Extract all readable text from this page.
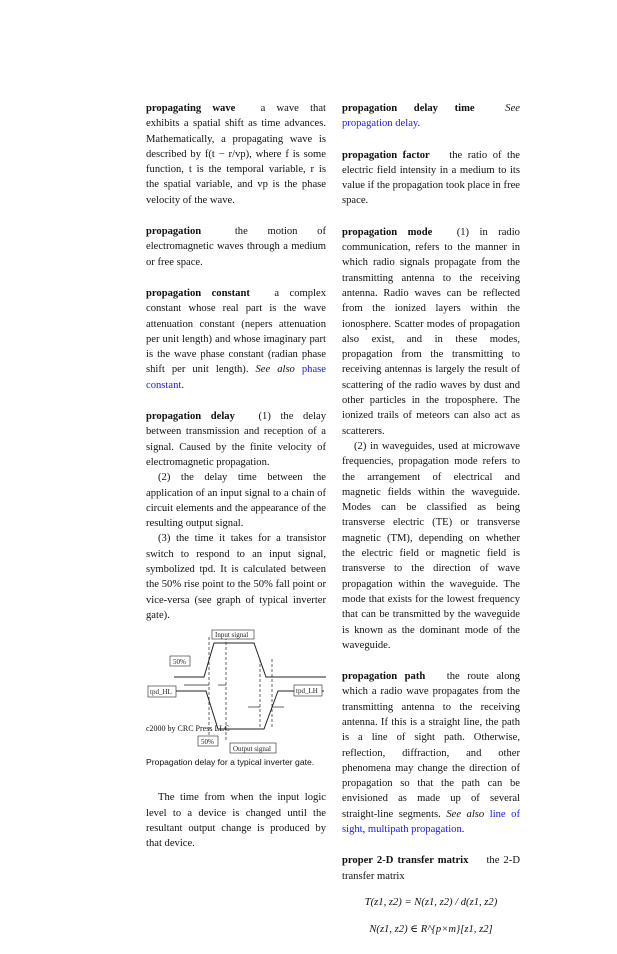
propagating wave a wave that exhibits a spatial shift as time advances. Mathematically, a propagating wave is described by f(t − r/vp), where f is some function, t is the temporal variable, r is the spatial variable, and vp is the phase velocity of the wave.

propagation	the motion of electromagnetic waves through a medium or free space.

propagation constant a complex constant whose real part is the wave attenuation constant (nepers attenuation per unit length) and whose imaginary part is the wave phase constant (radian phase shift per unit length). See also phase constant.

propagation delay (1) the delay between transmission and reception of a signal. Caused by the finite velocity of electromagnetic propagation.

(2) the delay time between the application of an input signal to a chain of circuit elements and the appearance of the resulting output signal.

(3) the time it takes for a transistor switch to respond to an input signal, symbolized tpd. It is calculated between the 50% rise point to the 50% fall point or vice-versa (see graph of typical inverter gate).

Input signal
50%
tpd_HL	tpd_LH
50%
Output signal

Propagation delay for a typical inverter gate.

The time from when the input logic level to a device is changed until the resultant output change is produced by that device.

propagation delay time	See propagation delay.

propagation factor the ratio of the electric field intensity in a medium to its value if the propagation took place in free space.

propagation mode (1) in radio communication, refers to the manner in which radio signals propagate from the transmitting antenna to the receiving antenna. Radio waves can be reflected from the ionized layers within the ionosphere. Scatter modes of propagation also exist, and in these modes, propagation from the transmitting to receiving antennas is largely the result of scattering of the radio waves by dust and other particles in the troposphere. The ionized trails of meteors can also act as scatterers.

(2) in waveguides, used at microwave frequencies, propagation mode refers to the arrangement of electrical and magnetic fields within the waveguide. Modes can be classified as being transverse electric (TE) or transverse magnetic (TM), depending on whether the electric field or magnetic field is transverse to the direction of wave propagation within the waveguide. The mode that exists for the lowest frequency that can be transmitted by the waveguide is known as the dominant mode of the waveguide.

propagation path the route along which a radio wave propagates from the transmitting antenna to the receiving antenna. If this is a straight line, the path is a line of sight path. Otherwise, reflection, diffraction, and other phenomena may change the direction of propagation so that the path can be envisioned as made up of several straight-line segments. See also line of sight, multipath propagation.

proper 2-D transfer matrix the 2-D transfer matrix

T(z1, z2) = N(z1, z2) / d(z1, z2)

N(z1, z2) ∈ R^{p×m}[z1, z2]

c2000 by CRC Press LLC
